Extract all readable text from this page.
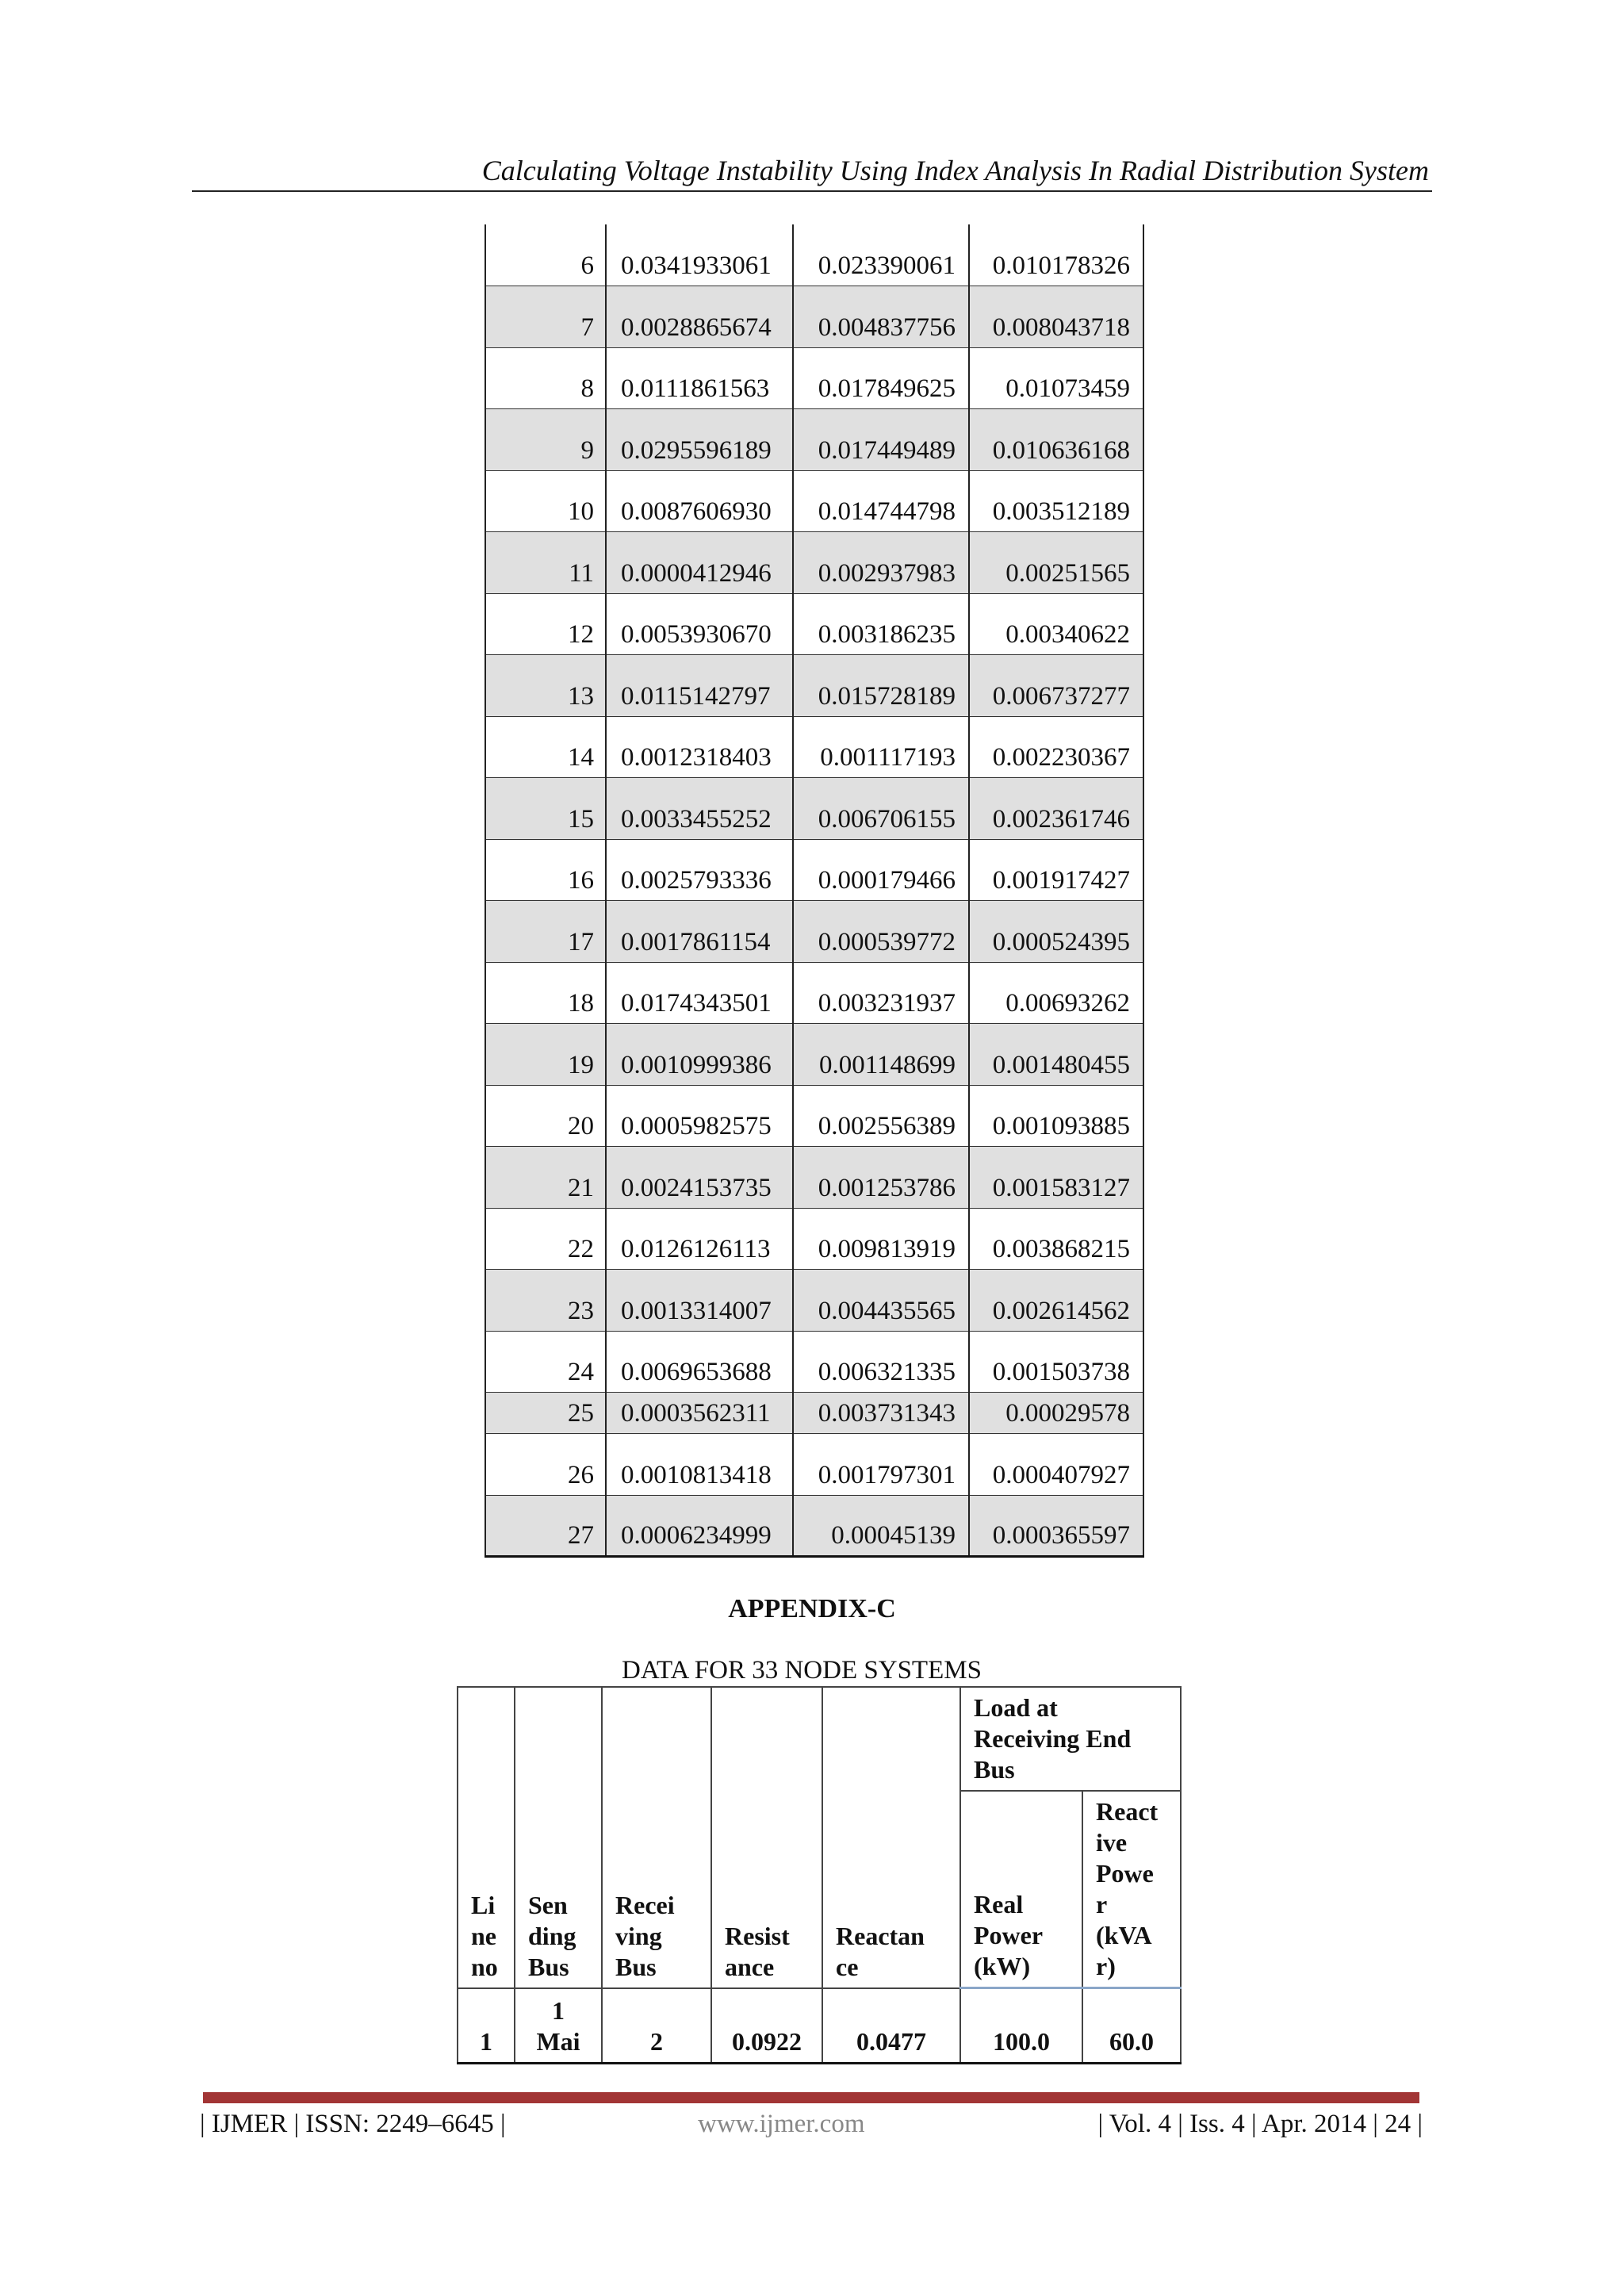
Calculating Voltage Instability Using Index Analysis In Radial Distribution System
6	0.0341933061	0.023390061	0.010178326
7	0.0028865674	0.004837756	0.008043718
8	0.0111861563	0.017849625	0.01073459
9	0.0295596189	0.017449489	0.010636168
10	0.0087606930	0.014744798	0.003512189
11	0.0000412946	0.002937983	0.00251565
12	0.0053930670	0.003186235	0.00340622
13	0.0115142797	0.015728189	0.006737277
14	0.0012318403	0.001117193	0.002230367
15	0.0033455252	0.006706155	0.002361746
16	0.0025793336	0.000179466	0.001917427
17	0.0017861154	0.000539772	0.000524395
18	0.0174343501	0.003231937	0.00693262
19	0.0010999386	0.001148699	0.001480455
20	0.0005982575	0.002556389	0.001093885
21	0.0024153735	0.001253786	0.001583127
22	0.0126126113	0.009813919	0.003868215
23	0.0013314007	0.004435565	0.002614562
24	0.0069653688	0.006321335	0.001503738
25	0.0003562311	0.003731343	0.00029578
26	0.0010813418	0.001797301	0.000407927
27	0.0006234999	0.00045139	0.000365597
APPENDIX-C
DATA FOR 33 NODE SYSTEMS
Li ne no	Sen ding Bus	Recei ving Bus	Resist ance	Reactan ce	Load at Receiving End Bus	
					Real Power (kW)	React ive Powe r (kVA r)
1	1 Mai	2	0.0922	0.0477	100.0	60.0
| IJMER | ISSN: 2249–6645 |	www.ijmer.com	| Vol. 4 | Iss. 4 | Apr. 2014 | 24 |
